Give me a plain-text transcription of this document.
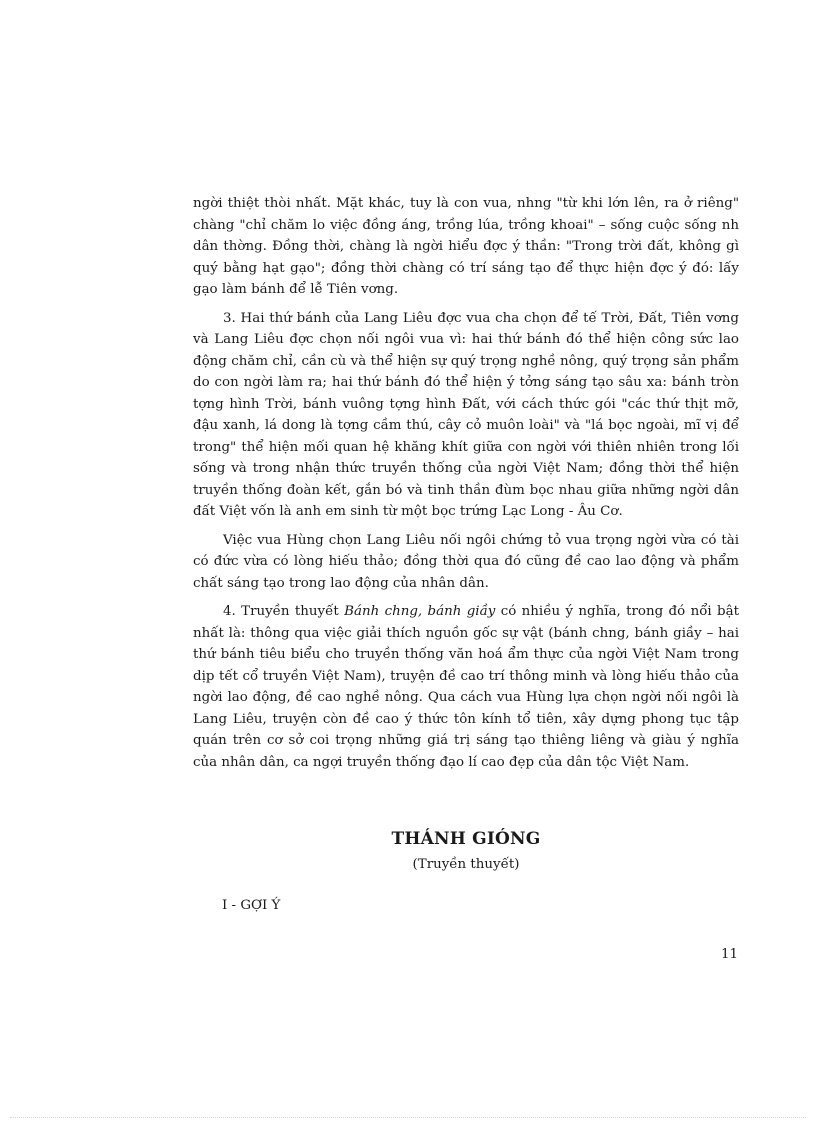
ngời thiệt thòi nhất. Mặt khác, tuy là con vua, nhng "từ khi lớn lên, ra ở riêng" chàng "chỉ chăm lo việc đồng áng, trồng lúa, trồng khoai" – sống cuộc sống nh dân thờng. Đồng thời, chàng là ngời hiểu đợc ý thần: "Trong trời đất, không gì quý bằng hạt gạo"; đồng thời chàng có trí sáng tạo để thực hiện đợc ý đó: lấy gạo làm bánh để lễ Tiên vơng.

3. Hai thứ bánh của Lang Liêu đợc vua cha chọn để tế Trời, Đất, Tiên vơng và Lang Liêu đợc chọn nối ngôi vua vì: hai thứ bánh đó thể hiện công sức lao động chăm chỉ, cần cù và thể hiện sự quý trọng nghề nông, quý trọng sản phẩm do con ngời làm ra; hai thứ bánh đó thể hiện ý tởng sáng tạo sâu xa: bánh tròn tợng hình Trời, bánh vuông tợng hình Đất, với cách thức gói "các thứ thịt mỡ, đậu xanh, lá dong là tợng cầm thú, cây cỏ muôn loài" và "lá bọc ngoài, mĩ vị để trong" thể hiện mối quan hệ khăng khít giữa con ngời với thiên nhiên trong lối sống và trong nhận thức truyền thống của ngời Việt Nam; đồng thời thể hiện truyền thống đoàn kết, gắn bó và tinh thần đùm bọc nhau giữa những ngời dân đất Việt vốn là anh em sinh từ một bọc trứng Lạc Long - Âu Cơ.

Việc vua Hùng chọn Lang Liêu nối ngôi chứng tỏ vua trọng ngời vừa có tài có đức vừa có lòng hiếu thảo; đồng thời qua đó cũng đề cao lao động và phẩm chất sáng tạo trong lao động của nhân dân.

4. Truyền thuyết Bánh chng, bánh giầy có nhiều ý nghĩa, trong đó nổi bật nhất là: thông qua việc giải thích nguồn gốc sự vật (bánh chng, bánh giầy – hai thứ bánh tiêu biểu cho truyền thống văn hoá ẩm thực của ngời Việt Nam trong dịp tết cổ truyền Việt Nam), truyện đề cao trí thông minh và lòng hiếu thảo của ngời lao động, đề cao nghề nông. Qua cách vua Hùng lựa chọn ngời nối ngôi là Lang Liêu, truyện còn đề cao ý thức tôn kính tổ tiên, xây dựng phong tục tập quán trên cơ sở coi trọng những giá trị sáng tạo thiêng liêng và giàu ý nghĩa của nhân dân, ca ngợi truyền thống đạo lí cao đẹp của dân tộc Việt Nam.

THÁNH GIÓNG
(Truyền thuyết)
I - GỢI Ý
11
